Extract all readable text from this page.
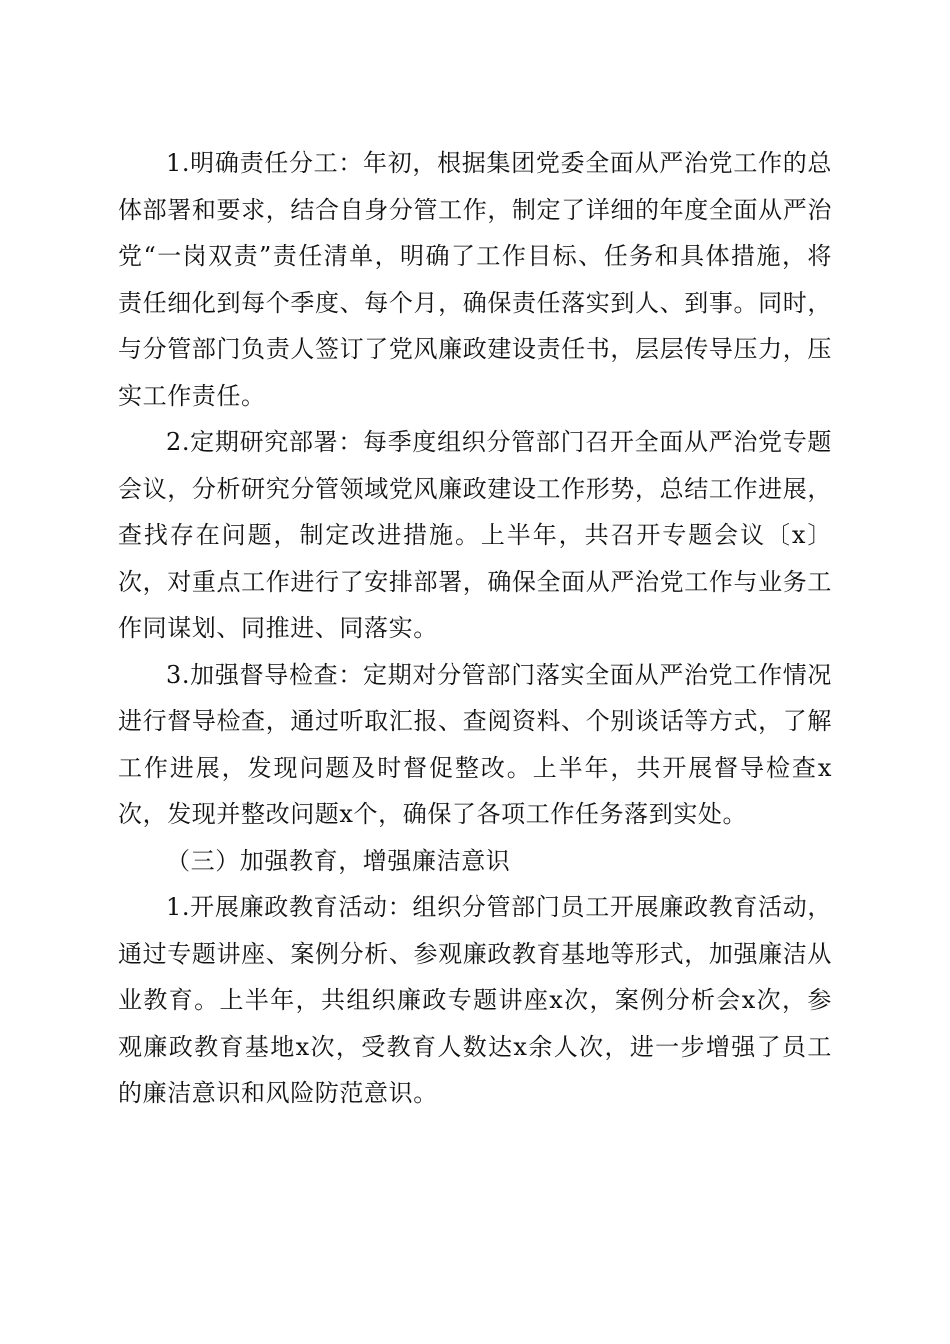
1.明确责任分工：年初，根据集团党委全面从严治党工作的总体部署和要求，结合自身分管工作，制定了详细的年度全面从严治党“一岗双责”责任清单，明确了工作目标、任务和具体措施，将责任细化到每个季度、每个月，确保责任落实到人、到事。同时，与分管部门负责人签订了党风廉政建设责任书，层层传导压力，压实工作责任。

2.定期研究部署：每季度组织分管部门召开全面从严治党专题会议，分析研究分管领域党风廉政建设工作形势，总结工作进展，查找存在问题，制定改进措施。上半年，共召开专题会议〔x〕次，对重点工作进行了安排部署，确保全面从严治党工作与业务工作同谋划、同推进、同落实。

3.加强督导检查：定期对分管部门落实全面从严治党工作情况进行督导检查，通过听取汇报、查阅资料、个别谈话等方式，了解工作进展，发现问题及时督促整改。上半年，共开展督导检查x次，发现并整改问题x个，确保了各项工作任务落到实处。

（三）加强教育，增强廉洁意识

1.开展廉政教育活动：组织分管部门员工开展廉政教育活动，通过专题讲座、案例分析、参观廉政教育基地等形式，加强廉洁从业教育。上半年，共组织廉政专题讲座x次，案例分析会x次，参观廉政教育基地x次，受教育人数达x余人次，进一步增强了员工的廉洁意识和风险防范意识。
